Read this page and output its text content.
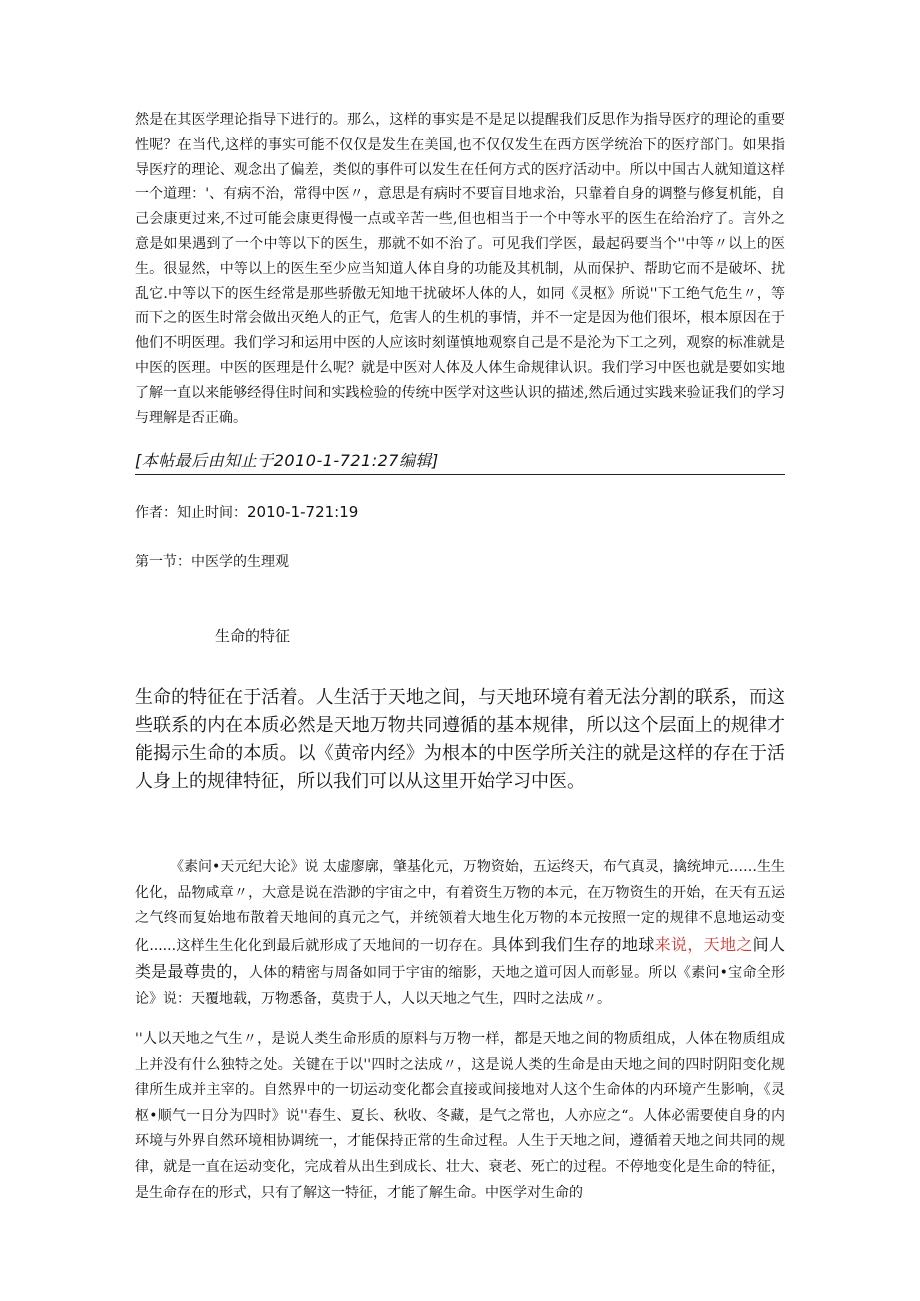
然是在其医学理论指导下进行的。那么，这样的事实是不是足以提醒我们反思作为指导医疗的理论的重要性呢？在当代,这样的事实可能不仅仅是发生在美国,也不仅仅发生在西方医学统治下的医疗部门。如果指导医疗的理论、观念出了偏差，类似的事件可以发生在任何方式的医疗活动中。所以中国古人就知道这样一个道理：'、有病不治，常得中医〃，意思是有病时不要盲目地求治，只靠着自身的调整与修复机能，自己会康更过来,不过可能会康更得慢一点或辛苦一些,但也相当于一个中等水平的医生在给治疗了。言外之意是如果遇到了一个中等以下的医生，那就不如不治了。可见我们学医，最起码要当个''中等〃以上的医生。很显然，中等以上的医生至少应当知道人体自身的功能及其机制，从而保护、帮助它而不是破坏、扰乱它.中等以下的医生经常是那些骄傲无知地干扰破坏人体的人，如同《灵枢》所说''下工绝气危生〃，等而下之的医生时常会做出灭绝人的正气，危害人的生机的事情，并不一定是因为他们很坏，根本原因在于他们不明医理。我们学习和运用中医的人应该时刻谨慎地观察自己是不是沦为下工之列，观察的标准就是中医的医理。中医的医理是什么呢？就是中医对人体及人体生命规律认识。我们学习中医也就是要如实地了解一直以来能够经得住时间和实践检验的传统中医学对这些认识的描述,然后通过实践来验证我们的学习与理解是否正确。

[本帖最后由知止于2010-1-721:27编辑]

作者：知止时间：2010-1-721:19

第一节：中医学的生理观

生命的特征

生命的特征在于活着。人生活于天地之间，与天地环境有着无法分割的联系，而这些联系的内在本质必然是天地万物共同遵循的基本规律，所以这个层面上的规律才能揭示生命的本质。以《黄帝内经》为根本的中医学所关注的就是这样的存在于活人身上的规律特征，所以我们可以从这里开始学习中医。

《素问•天元纪大论》说 太虚廖廓，肇基化元，万物资始，五运终天，布气真灵，擒统坤元……生生化化，品物咸章〃，大意是说在浩渺的宇宙之中，有着资生万物的本元，在万物资生的开始，在天有五运之气终而复始地布散着天地间的真元之气，并统领着大地生化万物的本元按照一定的规律不息地运动变化......这样生生化化到最后就形成了天地间的一切存在。具体到我们生存的地球来说，天地之间人类是最尊贵的，人体的精密与周备如同于宇宙的缩影，天地之道可因人而彰显。所以《素问•宝命全形论》说：天覆地载，万物悉备，莫贵于人，人以天地之气生，四时之法成〃。

''人以天地之气生〃，是说人类生命形质的原料与万物一样，都是天地之间的物质组成，人体在物质组成上并没有什么独特之处。关键在于以''四时之法成〃，这是说人类的生命是由天地之间的四时阴阳变化规律所生成并主宰的。自然界中的一切运动变化都会直接或间接地对人这个生命体的内环境产生影响，《灵枢•顺气一日分为四时》说''春生、夏长、秋收、冬藏，是气之常也，人亦应之“。人体必需要使自身的内环境与外界自然环境相协调统一，才能保持正常的生命过程。人生于天地之间，遵循着天地之间共同的规律，就是一直在运动变化，完成着从出生到成长、壮大、衰老、死亡的过程。不停地变化是生命的特征，是生命存在的形式，只有了解这一特征，才能了解生命。中医学对生命的
